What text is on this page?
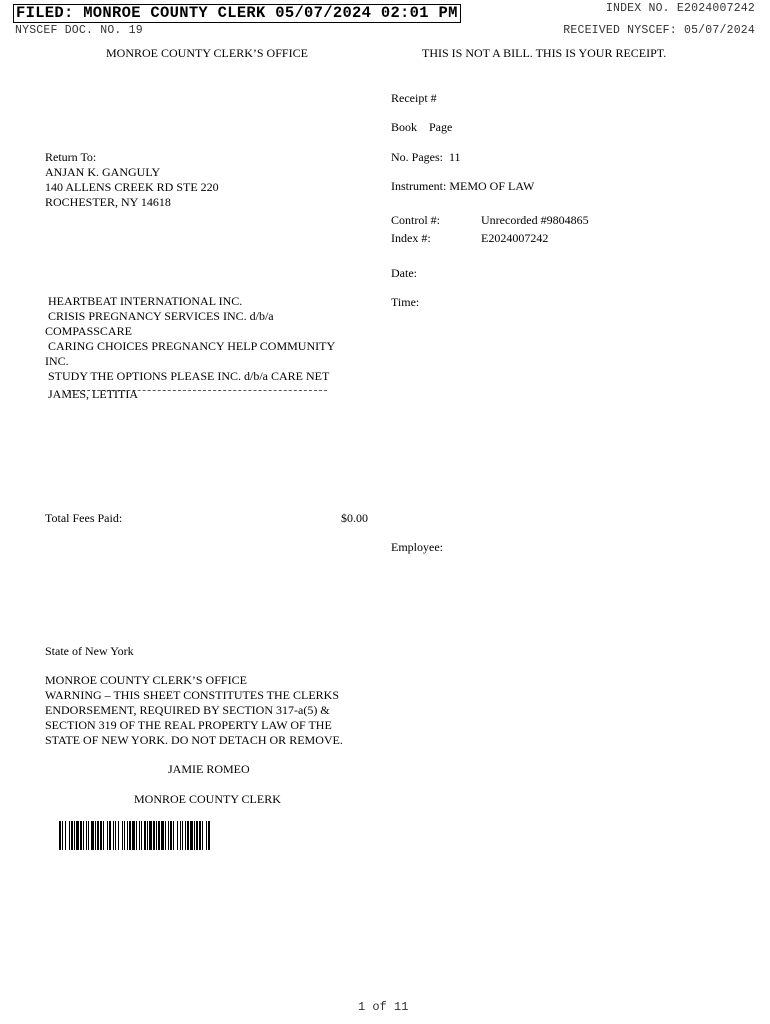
FILED: MONROE COUNTY CLERK 05/07/2024 02:01 PM	INDEX NO. E2024007242
NYSCEF DOC. NO. 19	RECEIVED NYSCEF: 05/07/2024
MONROE COUNTY CLERK’S OFFICE	THIS IS NOT A BILL. THIS IS YOUR RECEIPT.
Return To:
ANJAN K. GANGULY
140 ALLENS CREEK RD STE 220
ROCHESTER, NY 14618
Receipt #
Book    Page
No. Pages:  11
Instrument: MEMO OF LAW
Control #:	Unrecorded #9804865
Index #:	E2024007242
Date:
Time:
HEARTBEAT INTERNATIONAL INC.
CRISIS PREGNANCY SERVICES INC. d/b/a
COMPASSCARE
CARING CHOICES PREGNANCY HELP COMMUNITY
INC.
STUDY THE OPTIONS PLEASE INC. d/b/a CARE NET
JAMES, LETITIA
Total Fees Paid:	$0.00
Employee:
State of New York
MONROE COUNTY CLERK’S OFFICE
WARNING – THIS SHEET CONSTITUTES THE CLERKS
ENDORSEMENT, REQUIRED BY SECTION 317-a(5) &
SECTION 319 OF THE REAL PROPERTY LAW OF THE
STATE OF NEW YORK. DO NOT DETACH OR REMOVE.
JAMIE ROMEO
MONROE COUNTY CLERK
1 of 11
